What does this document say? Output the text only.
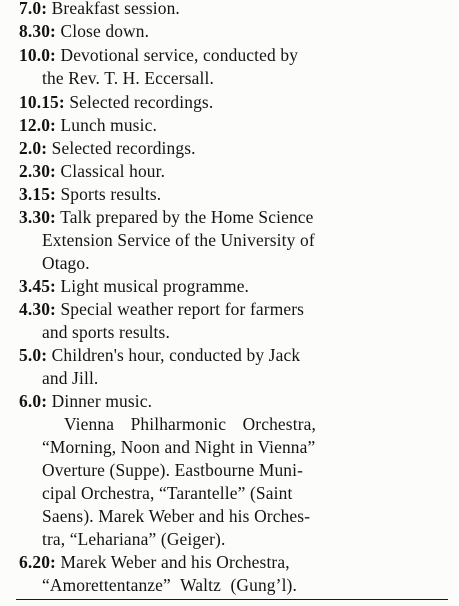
7.0: Breakfast session.
8.30: Close down.
10.0: Devotional service, conducted by
the Rev. T. H. Eccersall.
10.15: Selected recordings.
12.0: Lunch music.
2.0: Selected recordings.
2.30: Classical hour.
3.15: Sports results.
3.30: Talk prepared by the Home Science
Extension Service of the University of
Otago.
3.45: Light musical programme.
4.30: Special weather report for farmers
and sports results.
5.0: Children's hour, conducted by Jack
and Jill.
6.0: Dinner music.
Vienna Philharmonic Orchestra,
“Morning, Noon and Night in Vienna”
Overture (Suppe). Eastbourne Muni-
cipal Orchestra, “Tarantelle” (Saint
Saens). Marek Weber and his Orches-
tra, “Lehariana” (Geiger).
6.20: Marek Weber and his Orchestra,
“Amorettentanze” Waltz (Gung’l).
